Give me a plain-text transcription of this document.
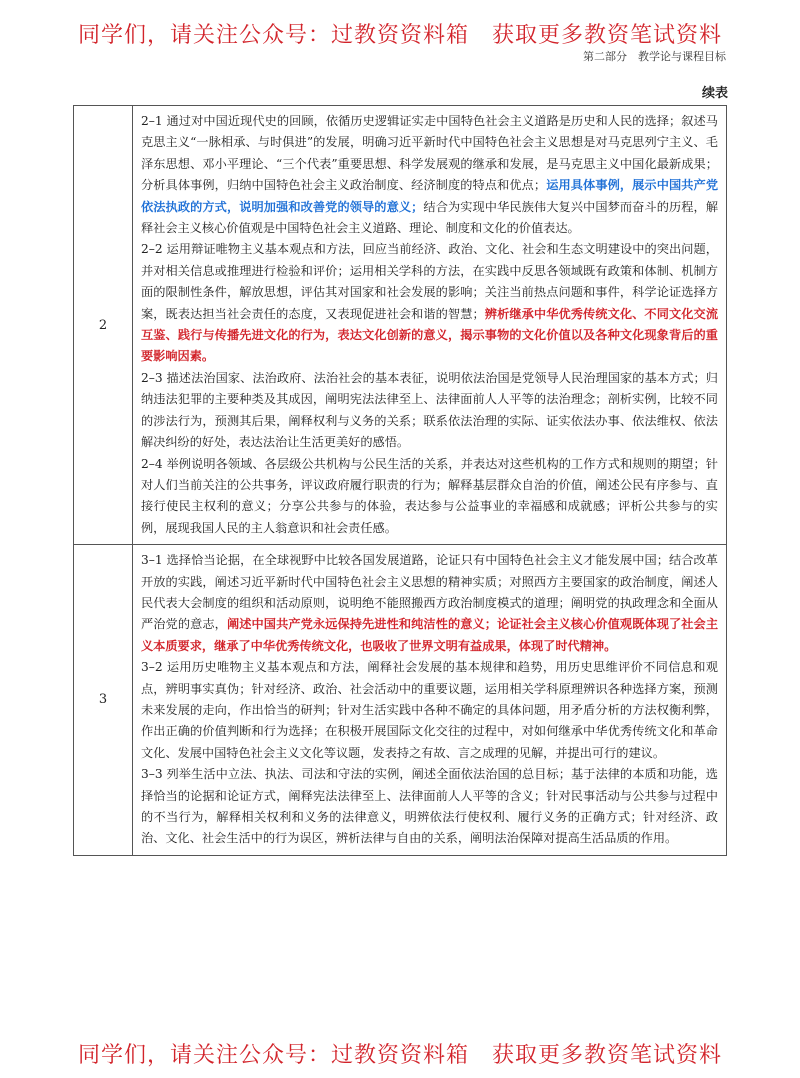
同学们，请关注公众号：过教资资料箱　获取更多教资笔试资料
第二部分　教学论与课程目标
续表
2	2–1 通过对中国近现代史的回顾，依循历史逻辑证实走中国特色社会主义道路是历史和人民的选择；叙述马克思主义“一脉相承、与时俱进”的发展，明确习近平新时代中国特色社会主义思想是对马克思列宁主义、毛泽东思想、邓小平理论、“三个代表”重要思想、科学发展观的继承和发展，是马克思主义中国化最新成果；分析具体事例，归纳中国特色社会主义政治制度、经济制度的特点和优点；运用具体事例，展示中国共产党依法执政的方式，说明加强和改善党的领导的意义；结合为实现中华民族伟大复兴中国梦而奋斗的历程，解释社会主义核心价值观是中国特色社会主义道路、理论、制度和文化的价值表达。

2–2 运用辩证唯物主义基本观点和方法，回应当前经济、政治、文化、社会和生态文明建设中的突出问题，并对相关信息或推理进行检验和评价；运用相关学科的方法，在实践中反思各领域既有政策和体制、机制方面的限制性条件，解放思想，评估其对国家和社会发展的影响；关注当前热点问题和事件，科学论证选择方案，既表达担当社会责任的态度，又表现促进社会和谐的智慧；辨析继承中华优秀传统文化、不同文化交流互鉴、践行与传播先进文化的行为，表达文化创新的意义，揭示事物的文化价值以及各种文化现象背后的重要影响因素。

2–3 描述法治国家、法治政府、法治社会的基本表征，说明依法治国是党领导人民治理国家的基本方式；归纳违法犯罪的主要种类及其成因，阐明宪法法律至上、法律面前人人平等的法治理念；剖析实例，比较不同的涉法行为，预测其后果，阐释权利与义务的关系；联系依法治理的实际、证实依法办事、依法维权、依法解决纠纷的好处，表达法治让生活更美好的感悟。

2–4 举例说明各领域、各层级公共机构与公民生活的关系，并表达对这些机构的工作方式和规则的期望；针对人们当前关注的公共事务，评议政府履行职责的行为；解释基层群众自治的价值，阐述公民有序参与、直接行使民主权利的意义；分享公共参与的体验，表达参与公益事业的幸福感和成就感；评析公共参与的实例，展现我国人民的主人翁意识和社会责任感。

3	3–1 选择恰当论据，在全球视野中比较各国发展道路，论证只有中国特色社会主义才能发展中国；结合改革开放的实践，阐述习近平新时代中国特色社会主义思想的精神实质；对照西方主要国家的政治制度，阐述人民代表大会制度的组织和活动原则，说明绝不能照搬西方政治制度模式的道理；阐明党的执政理念和全面从严治党的意志，阐述中国共产党永远保持先进性和纯洁性的意义；论证社会主义核心价值观既体现了社会主义本质要求，继承了中华优秀传统文化，也吸收了世界文明有益成果，体现了时代精神。

3–2 运用历史唯物主义基本观点和方法，阐释社会发展的基本规律和趋势，用历史思维评价不同信息和观点，辨明事实真伪；针对经济、政治、社会活动中的重要议题，运用相关学科原理辨识各种选择方案，预测未来发展的走向，作出恰当的研判；针对生活实践中各种不确定的具体问题，用矛盾分析的方法权衡利弊，作出正确的价值判断和行为选择；在积极开展国际文化交往的过程中，对如何继承中华优秀传统文化和革命文化、发展中国特色社会主义文化等议题，发表持之有故、言之成理的见解，并提出可行的建议。

3–3 列举生活中立法、执法、司法和守法的实例，阐述全面依法治国的总目标；基于法律的本质和功能，选择恰当的论据和论证方式，阐释宪法法律至上、法律面前人人平等的含义；针对民事活动与公共参与过程中的不当行为，解释相关权利和义务的法律意义，明辨依法行使权利、履行义务的正确方式；针对经济、政治、文化、社会生活中的行为误区，辨析法律与自由的关系，阐明法治保障对提高生活品质的作用。

同学们，请关注公众号：过教资资料箱　获取更多教资笔试资料
